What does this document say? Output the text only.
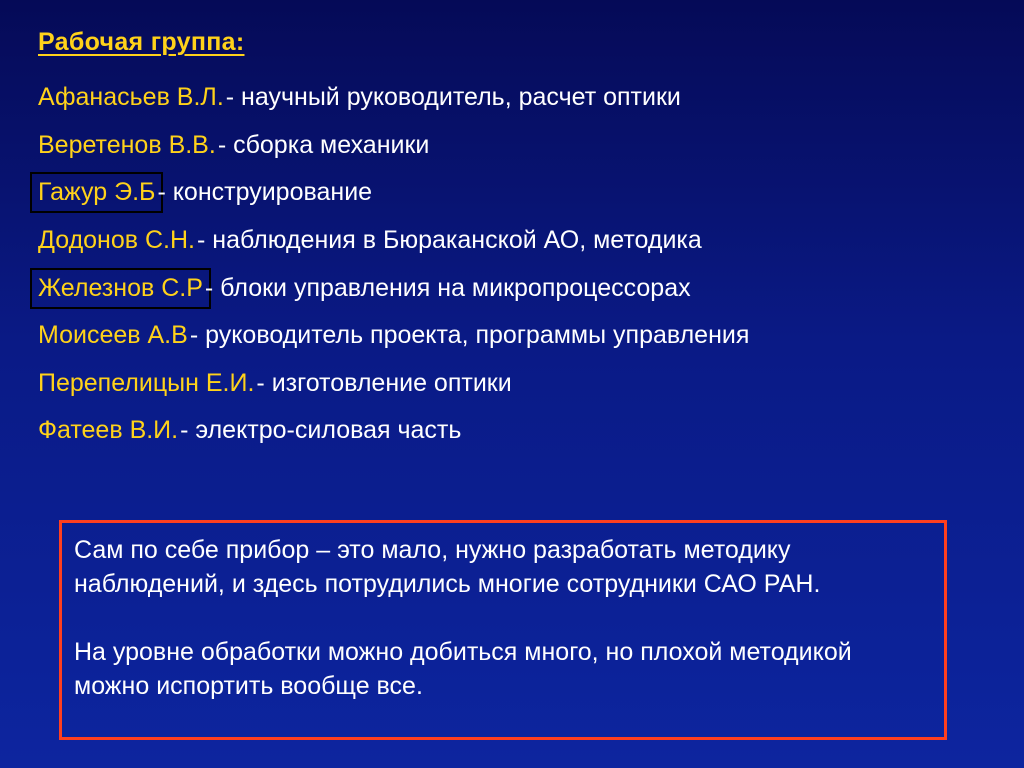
Рабочая группа:
Афанасьев В.Л. - научный руководитель, расчет оптики
Веретенов В.В. - сборка механики
Гажур Э.Б - конструирование
Додонов С.Н. - наблюдения в Бюраканской АО, методика
Железнов С.Р - блоки управления на микропроцессорах
Моисеев А.В - руководитель проекта, программы управления
Перепелицын Е.И. - изготовление оптики
Фатеев В.И. - электро-силовая часть

Сам по себе прибор – это мало, нужно разработать методику наблюдений, и здесь потрудились многие сотрудники САО РАН.

На уровне обработки можно добиться много, но плохой методикой можно испортить вообще все.
